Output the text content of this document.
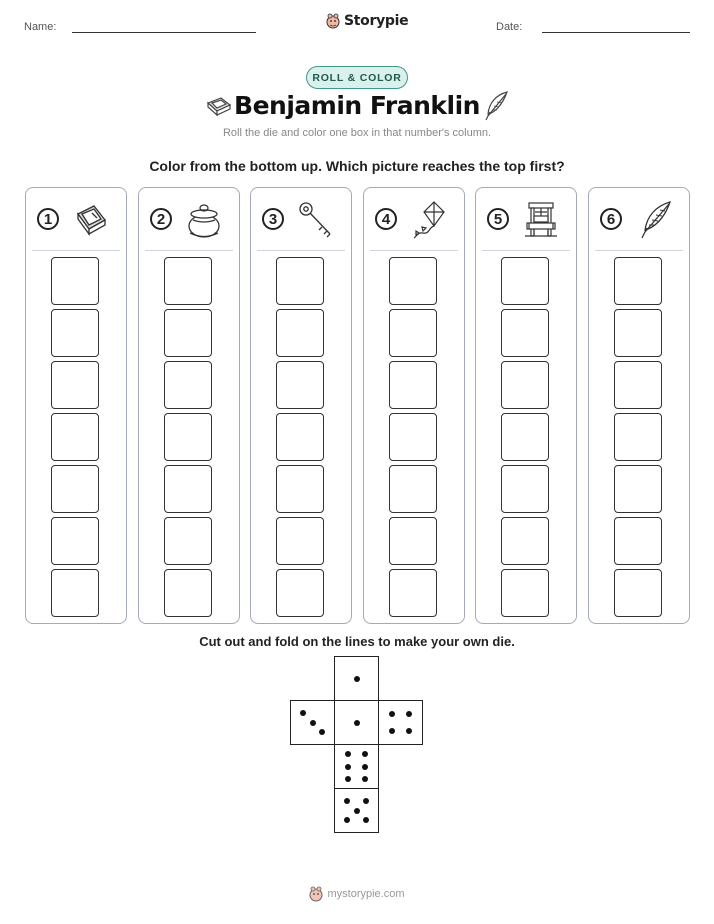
Name:	Storypie	Date:
ROLL & COLOR
Benjamin Franklin
Roll the die and color one box in that number's column.
Color from the bottom up. Which picture reaches the top first?
1	2	3	4	5	6
Cut out and fold on the lines to make your own die.
mystorypie.com
